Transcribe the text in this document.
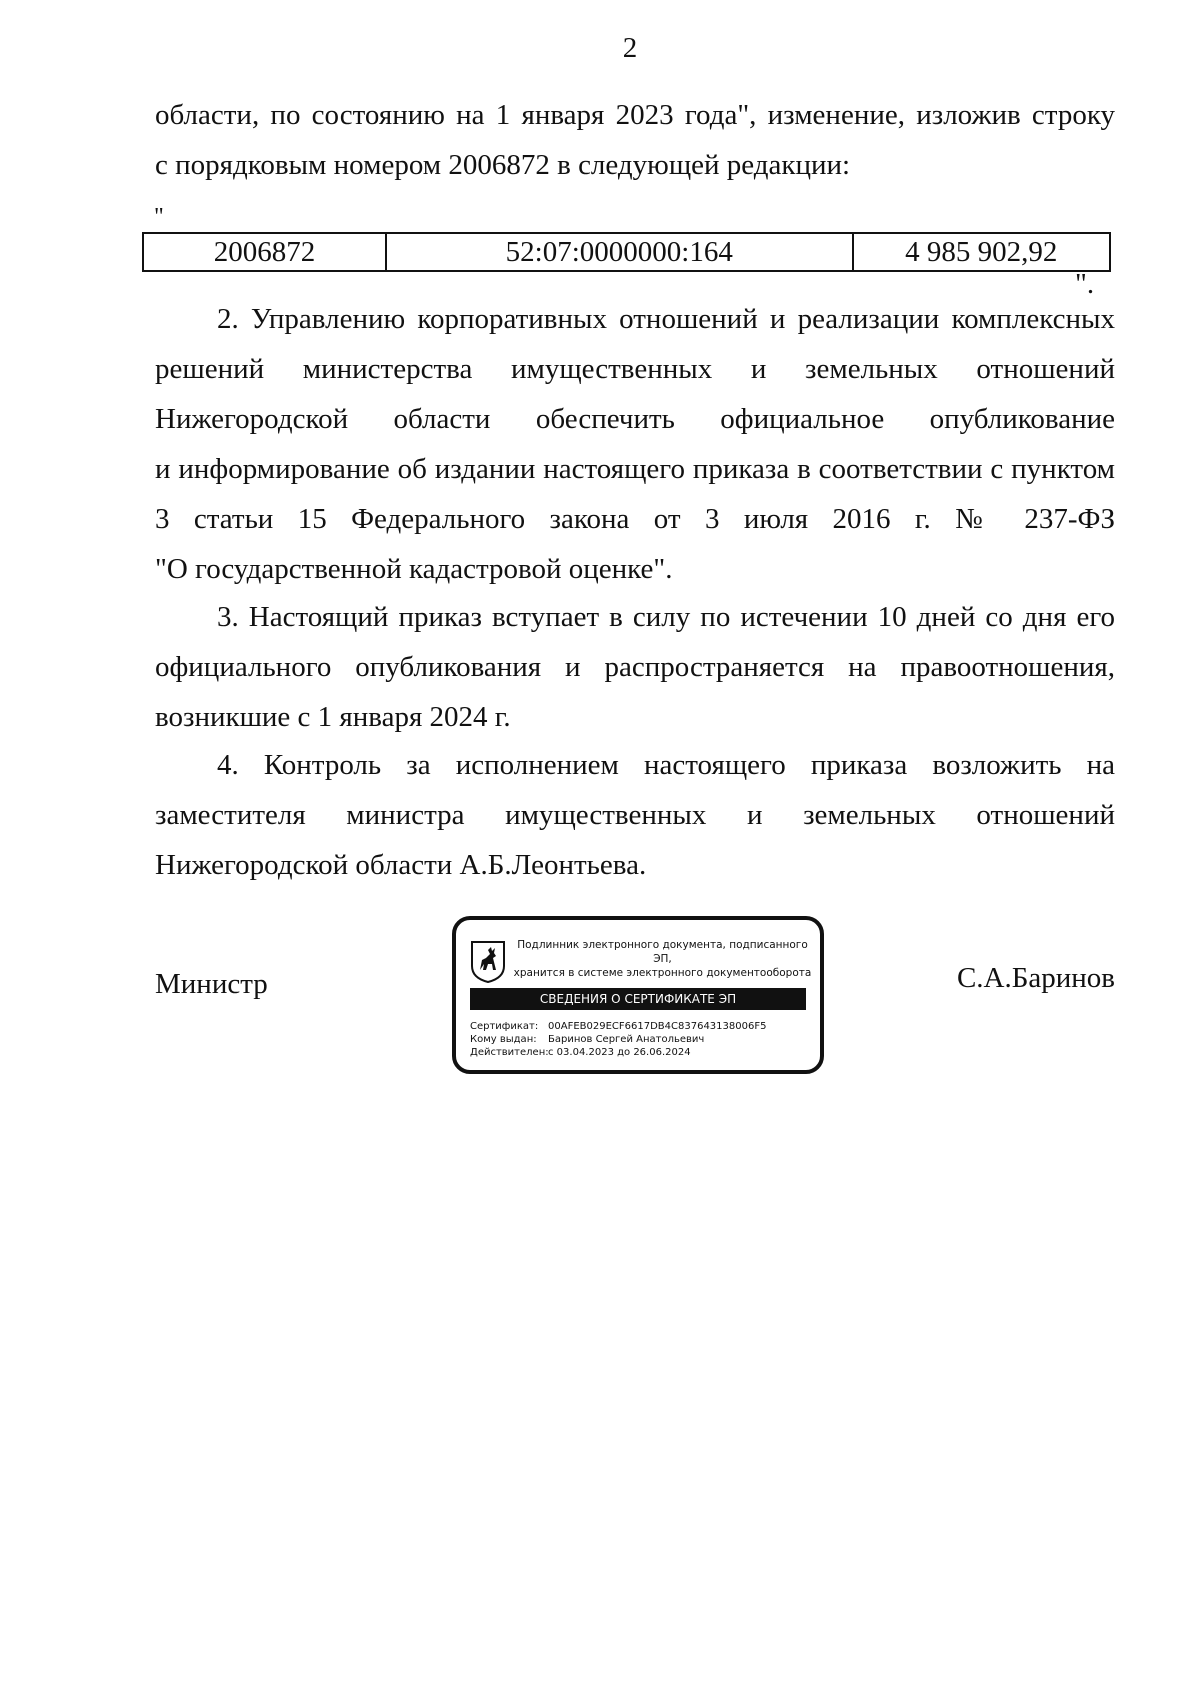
2
области, по состоянию на 1 января 2023 года", изменение, изложив строку
с порядковым номером 2006872 в следующей редакции:
"
2006872	52:07:0000000:164	4 985 902,92
".
2. Управлению корпоративных отношений и реализации комплексных
решений министерства имущественных и земельных отношений
Нижегородской области обеспечить официальное опубликование
и информирование об издании настоящего приказа в соответствии с пунктом
3 статьи 15 Федерального закона от 3 июля 2016 г. № 237-ФЗ
"О государственной кадастровой оценке".
3. Настоящий приказ вступает в силу по истечении 10 дней со дня его
официального опубликования и распространяется на правоотношения,
возникшие с 1 января 2024 г.
4. Контроль за исполнением настоящего приказа возложить на
заместителя министра имущественных и земельных отношений
Нижегородской области А.Б.Леонтьева.
Министр	С.А.Баринов
Подлинник электронного документа, подписанного ЭП,
хранится в системе электронного документооборота
СВЕДЕНИЯ О СЕРТИФИКАТЕ ЭП
Сертификат: 00AFEB029ECF6617DB4C837643138006F5
Кому выдан: Баринов Сергей Анатольевич
Действителен:с 03.04.2023 до 26.06.2024
